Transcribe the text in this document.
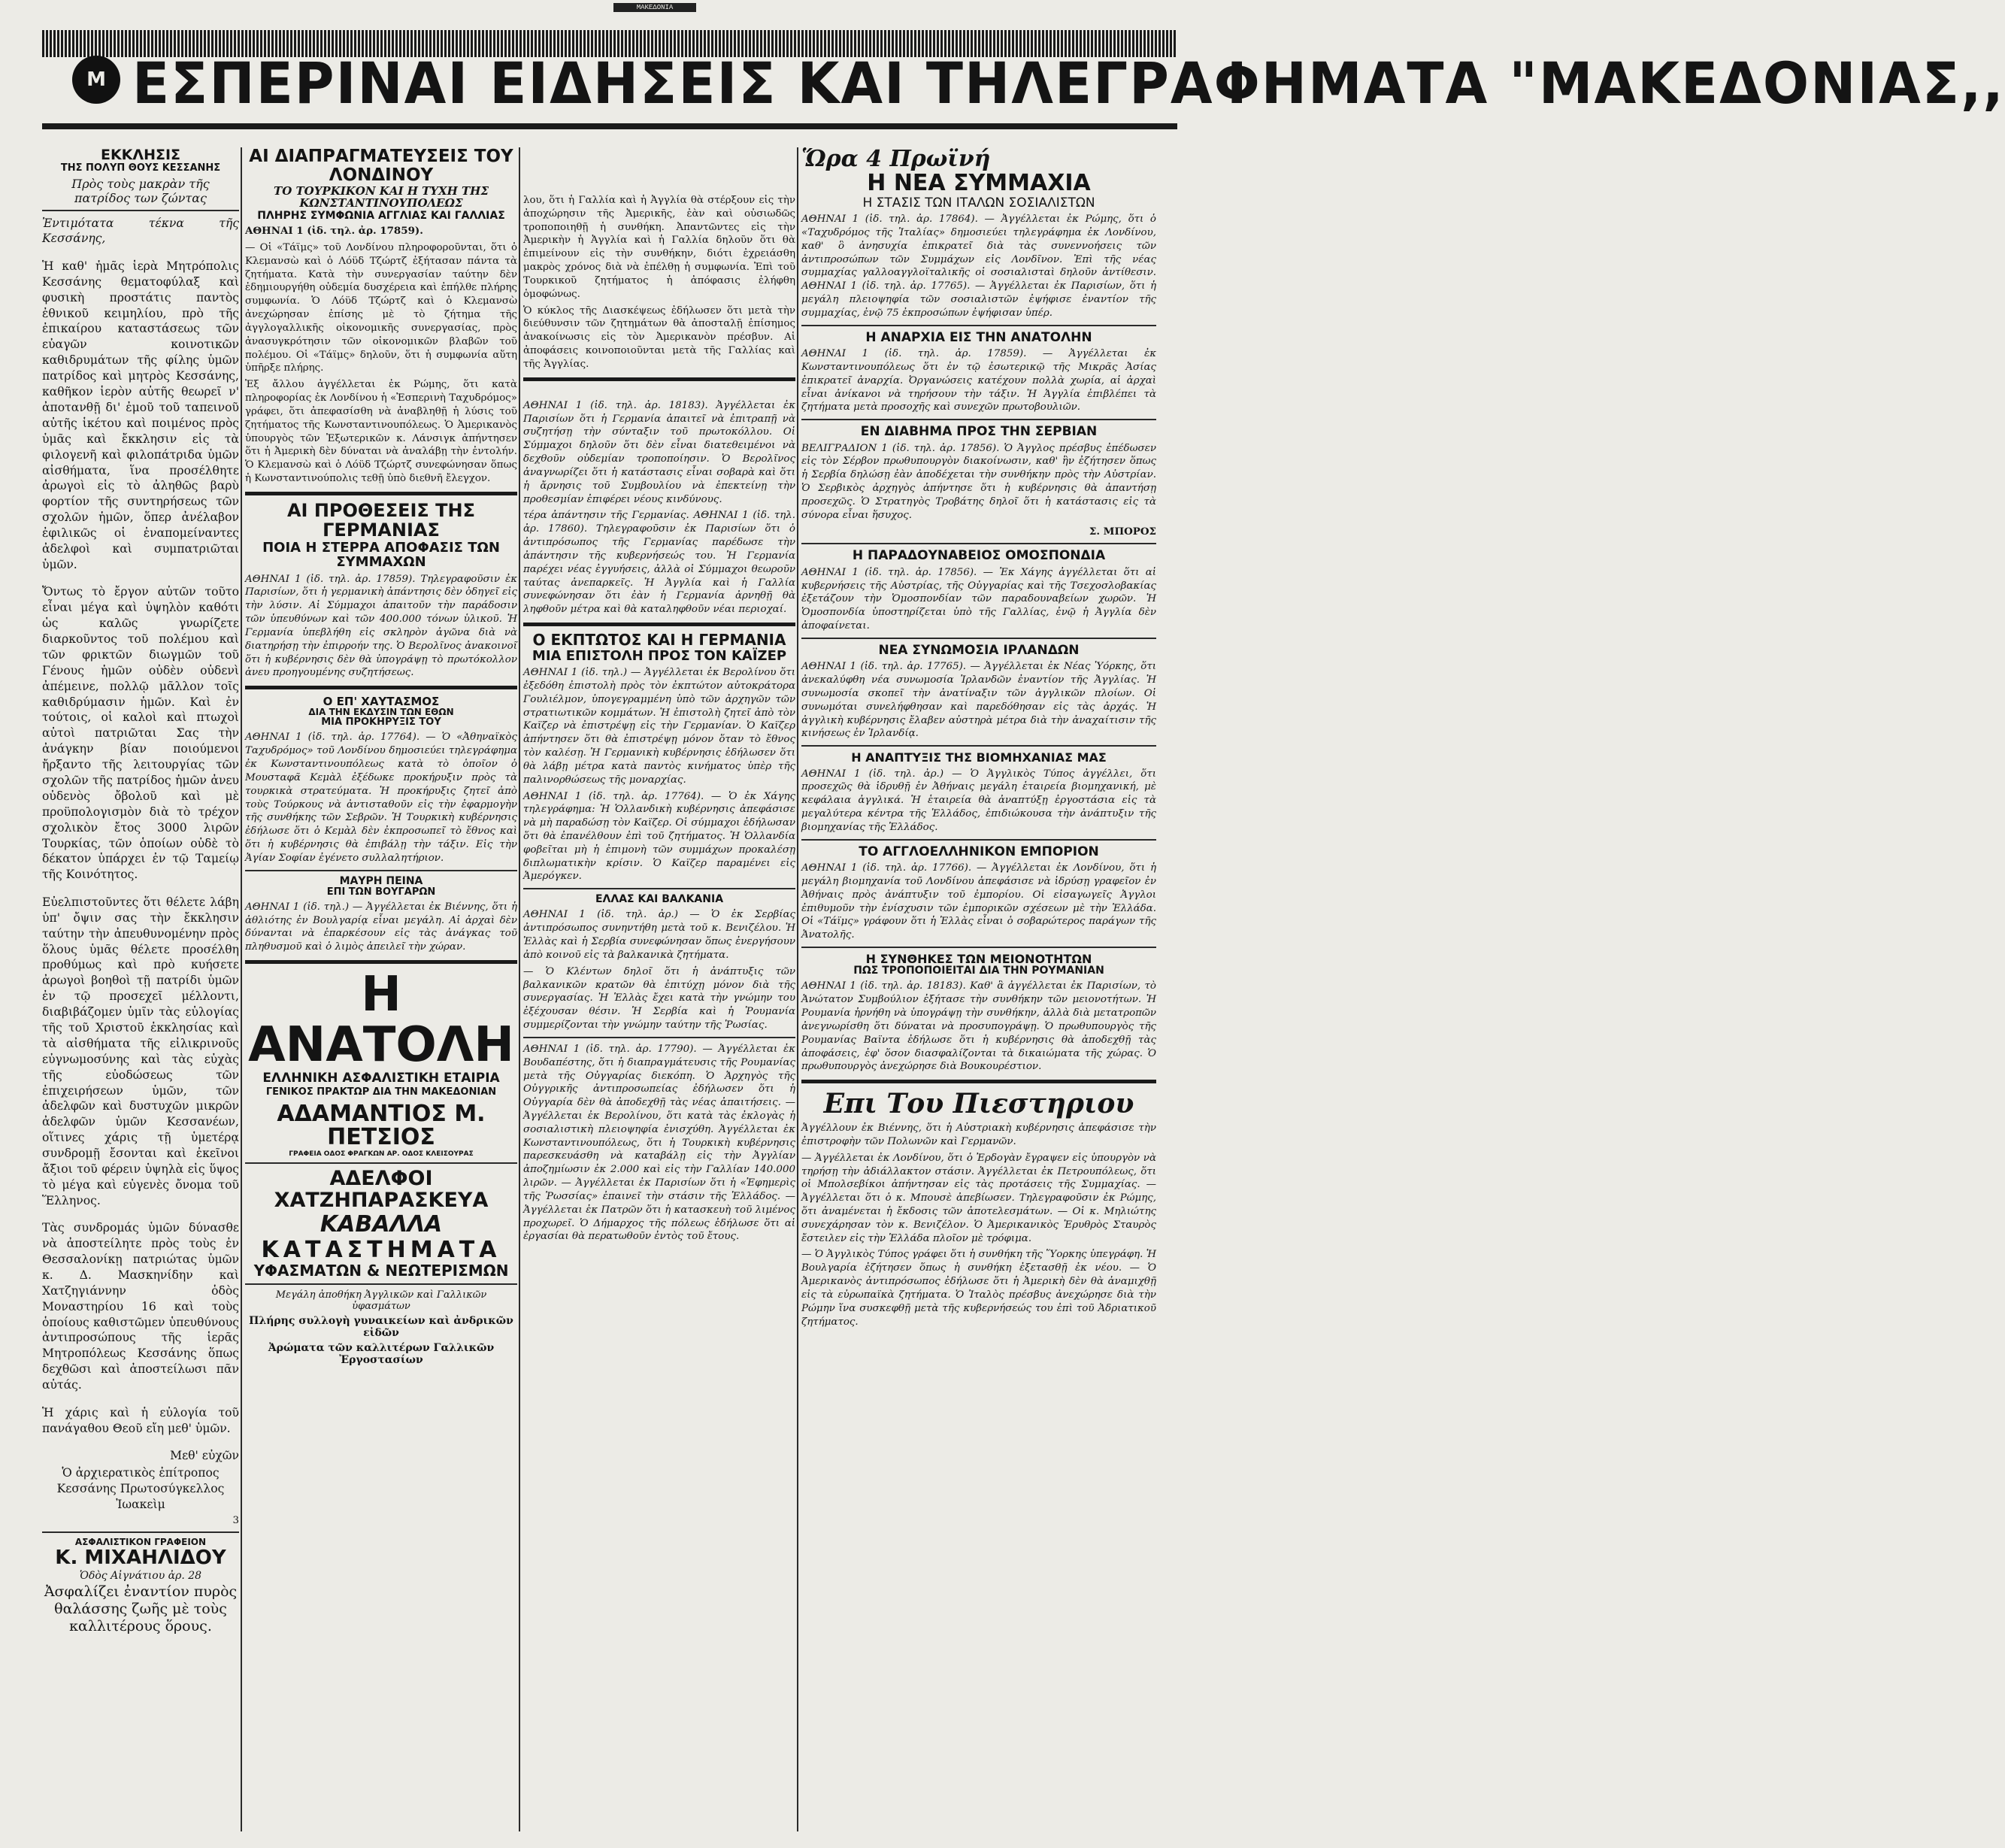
ΜΑΚΕΔΟΝΙΑ
Μ ΕΣΠΕΡΙΝΑΙ ΕΙΔΗΣΕΙΣ ΚΑΙ ΤΗΛΕΓΡΑΦΗΜΑΤΑ "ΜΑΚΕΔΟΝΙΑΣ,,

ΕΚΚΛΗΣΙΣ

ΤΗΣ ΠΟΛΥΠ ΘΟΥΣ ΚΕΣΣΑΝΗΣ

Πρὸς τοὺς μακρὰν τῆς πατρίδος των ζώντας

Ἐντιμότατα τέκνα τῆς Κεσσάνης,

Ἡ καθ' ἡμᾶς ἱερὰ Μητρόπολις Κεσσάνης θεματοφύλαξ καὶ φυσικὴ προστάτις παντὸς ἐθνικοῦ κειμηλίου, πρὸ τῆς ἐπικαίρου καταστάσεως τῶν εὐαγῶν κοινοτικῶν καθιδρυμάτων τῆς φίλης ὑμῶν πατρίδος καὶ μητρὸς Κεσσάνης, καθῆκον ἱερὸν αὐτῆς θεωρεῖ ν' ἀποτανθῇ δι' ἐμοῦ τοῦ ταπεινοῦ αὐτῆς ἱκέτου καὶ ποιμένος πρὸς ὑμᾶς καὶ ἔκκλησιν εἰς τὰ φιλογενῆ καὶ φιλοπάτριδα ὑμῶν αἰσθήματα, ἵνα προσέλθητε ἀρωγοὶ εἰς τὸ ἀληθῶς βαρὺ φορτίον τῆς συντηρήσεως τῶν σχολῶν ἡμῶν, ὅπερ ἀνέλαβον ἐφιλικῶς οἱ ἐναπομείναντες ἀδελφοὶ καὶ συμπατριῶται ὑμῶν.

Ὄντως τὸ ἔργον αὐτῶν τοῦτο εἶναι μέγα καὶ ὑψηλὸν καθότι ὡς καλῶς γνωρίζετε διαρκοῦντος τοῦ πολέμου καὶ τῶν φρικτῶν διωγμῶν τοῦ Γένους ἡμῶν οὐδὲν οὐδενὶ ἀπέμεινε, πολλῷ μᾶλλον τοῖς καθιδρύμασιν ἡμῶν. Καὶ ἐν τούτοις, οἱ καλοὶ καὶ πτωχοὶ αὐτοὶ πατριῶται Σας τὴν ἀνάγκην βίαν ποιούμενοι ἤρξαντο τῆς λειτουργίας τῶν σχολῶν τῆς πατρίδος ἡμῶν ἀνευ οὐδενὸς ὄβολοῦ καὶ μὲ προϋπολογισμὸν διὰ τὸ τρέχον σχολικὸν ἔτος 3000 λιρῶν Τουρκίας, τῶν ὁποίων οὐδὲ τὸ δέκατον ὑπάρχει ἐν τῷ Ταμείῳ τῆς Κοινότητος.

Εὐελπιστοῦντες ὅτι θέλετε λάβη ὑπ' ὄψιν σας τὴν ἔκκλησιν ταύτην τὴν ἀπευθυνομένην πρὸς ὅλους ὑμᾶς θέλετε προσέλθη προθύμως καὶ πρὸ κυήσετε ἀρωγοὶ βοηθοὶ τῇ πατρίδι ὑμῶν ἐν τῷ προσεχεῖ μέλλοντι, διαβιβάζομεν ὑμῖν τὰς εὐλογίας τῆς τοῦ Χριστοῦ ἐκκλησίας καὶ τὰ αἰσθήματα τῆς εἰλικρινοῦς εὐγνωμοσύνης καὶ τὰς εὐχὰς τῆς εὐοδώσεως τῶν ἐπιχειρήσεων ὑμῶν, τῶν ἀδελφῶν καὶ δυστυχῶν μικρῶν ἀδελφῶν ὑμῶν Κεσσανέων, οἵτινες χάρις τῇ ὑμετέρᾳ συνδρομῇ ἔσονται καὶ ἐκεῖνοι ἄξιοι τοῦ φέρειν ὑψηλὰ εἰς ὕψος τὸ μέγα καὶ εὐγενὲς ὄνομα τοῦ Ἕλληνος.

Τὰς συνδρομάς ὑμῶν δύνασθε νὰ ἀποστείλητε πρὸς τοὺς ἐν Θεσσαλονίκῃ πατριώτας ὑμῶν κ. Δ. Μασκηνίδην καὶ Χατζηγιάννην ὁδὸς Μοναστηρίου 16 καὶ τοὺς ὁποίους καθιστῶμεν ὑπευθύνους ἀντιπροσώπους τῆς ἱερᾶς Μητροπόλεως Κεσσάνης ὅπως δεχθῶσι καὶ ἀποστείλωσι πᾶν αὐτάς.

Ἡ χάρις καὶ ἡ εὐλογία τοῦ πανάγαθου Θεοῦ εἴη μεθ' ὑμῶν.

Μεθ' εὐχῶν

Ὁ ἀρχιερατικὸς ἐπίτροπος Κεσσάνης Πρωτοσύγκελλος Ἰωακεὶμ

3

ΑΣΦΑΛΙΣΤΙΚΟΝ ΓΡΑΦΕΙΟΝ

Κ. ΜΙΧΑΗΛΙΔΟΥ

Ὁδὸς Αἰγνάτιου ἀρ. 28

Ἀσφαλίζει ἐναντίον πυρὸς θαλάσσης ζωῆς μὲ τοὺς καλλιτέρους ὅρους.

ΑΙ ΔΙΑΠΡΑΓΜΑΤΕΥΣΕΙΣ ΤΟΥ ΛΟΝΔΙΝΟΥ

ΤΟ ΤΟΥΡΚΙΚΟΝ ΚΑΙ Η ΤΥΧΗ ΤΗΣ ΚΩΝΣΤΑΝΤΙΝΟΥΠΟΛΕΩΣ

ΠΛΗΡΗΣ ΣΥΜΦΩΝΙΑ ΑΓΓΛΙΑΣ ΚΑΙ ΓΑΛΛΙΑΣ

ΑΘΗΝΑΙ 1 (ἰδ. τηλ. ἀρ. 17859).

— Οἱ «Τάϊμς» τοῦ Λονδίνου πληροφοροῦνται, ὅτι ὁ Κλεμανσὼ καὶ ὁ Λόϋδ Τζώρτζ ἐξήτασαν πάντα τὰ ζητήματα. Κατὰ τὴν συνεργασίαν ταύτην δὲν ἐδημιουργήθη οὐδεμία δυσχέρεια καὶ ἐπήλθε πλήρης συμφωνία. Ὁ Λόϋδ Τζώρτζ καὶ ὁ Κλεμανσὼ ἀνεχώρησαν ἐπίσης μὲ τὸ ζήτημα τῆς ἀγγλογαλλικῆς οἰκονομικῆς συνεργασίας, πρὸς ἀνασυγκρότησιν τῶν οἰκονομικῶν βλαβῶν τοῦ πολέμου. Οἱ «Τάϊμς» δηλοῦν, ὅτι ἡ συμφωνία αὕτη ὑπῆρξε πλήρης.

Ἐξ ἄλλου ἀγγέλλεται ἐκ Ρώμης, ὅτι κατὰ πληροφορίας ἐκ Λονδίνου ἡ «Ἐσπερινὴ Ταχυδρόμος» γράφει, ὅτι ἀπεφασίσθη νὰ ἀναβληθῇ ἡ λύσις τοῦ ζητήματος τῆς Κωνσταντινουπόλεως. Ὁ Ἀμερικανὸς ὑπουργὸς τῶν Ἐξωτερικῶν κ. Λάνσιγκ ἀπήντησεν ὅτι ἡ Ἀμερικὴ δὲν δύναται νὰ ἀναλάβῃ τὴν ἐντολήν. Ὁ Κλεμανσὼ καὶ ὁ Λόϋδ Τζώρτζ συνεφώνησαν ὅπως ἡ Κωνσταντινούπολις τεθῇ ὑπὸ διεθνῆ ἔλεγχον.

ΑΙ ΠΡΟΘΕΣΕΙΣ ΤΗΣ ΓΕΡΜΑΝΙΑΣ

ΠΟΙΑ Η ΣΤΕΡΡΑ ΑΠΟΦΑΣΙΣ ΤΩΝ ΣΥΜΜΑΧΩΝ

ΑΘΗΝΑΙ 1 (ἰδ. τηλ. ἀρ. 17859). Τηλεγραφοῦσιν ἐκ Παρισίων, ὅτι ἡ γερμανικὴ ἀπάντησις δὲν ὁδηγεῖ εἰς τὴν λύσιν. Αἱ Σύμμαχοι ἀπαιτοῦν τὴν παράδοσιν τῶν ὑπευθύνων καὶ τῶν 400.000 τόνων ὑλικοῦ. Ἡ Γερμανία ὑπεβλήθη εἰς σκληρὸν ἀγῶνα διὰ νὰ διατηρήσῃ τὴν ἐπιρροήν της. Ὁ Βερολῖνος ἀνακοινοῖ ὅτι ἡ κυβέρνησις δὲν θὰ ὑπογράψῃ τὸ πρωτόκολλον ἀνευ προηγουμένης συζητήσεως.

Ο ΕΠ' ΧΑΥΤΑΣΜΟΣ

ΔΙΑ ΤΗΝ ΕΚΔΥΣΙΝ ΤΩΝ ΕΘΩΝ

ΜΙΑ ΠΡΟΚΗΡΥΞΙΣ ΤΟΥ

ΑΘΗΝΑΙ 1 (ἰδ. τηλ. ἀρ. 17764). — Ὁ «Ἀθηναϊκὸς Ταχυδρόμος» τοῦ Λονδίνου δημοσιεύει τηλεγράφημα ἐκ Κωνσταντινουπόλεως κατὰ τὸ ὁποῖον ὁ Μουσταφᾶ Κεμὰλ ἐξέδωκε προκήρυξιν πρὸς τὰ τουρκικὰ στρατεύματα. Ἡ προκήρυξις ζητεῖ ἀπὸ τοὺς Τούρκους νὰ ἀντισταθοῦν εἰς τὴν ἐφαρμογὴν τῆς συνθήκης τῶν Σεβρῶν. Ἡ Τουρκικὴ κυβέρνησις ἐδήλωσε ὅτι ὁ Κεμὰλ δὲν ἐκπροσωπεῖ τὸ ἔθνος καὶ ὅτι ἡ κυβέρνησις θὰ ἐπιβάλῃ τὴν τάξιν. Εἰς τὴν Ἀγίαν Σοφίαν ἐγένετο συλλαλητήριον.

ΜΑΥΡΗ ΠΕΙΝΑ

ΕΠΙ ΤΩΝ ΒΟΥΓΑΡΩΝ

ΑΘΗΝΑΙ 1 (ἰδ. τηλ.) — Ἀγγέλλεται ἐκ Βιέννης, ὅτι ἡ ἀθλιότης ἐν Βουλγαρίᾳ εἶναι μεγάλη. Αἱ ἀρχαὶ δὲν δύνανται νὰ ἐπαρκέσουν εἰς τὰς ἀνάγκας τοῦ πληθυσμοῦ καὶ ὁ λιμὸς ἀπειλεῖ τὴν χώραν.

Η ΑΝΑΤΟΛΗ

ΕΛΛΗΝΙΚΗ ΑΣΦΑΛΙΣΤΙΚΗ ΕΤΑΙΡΙΑ

ΓΕΝΙΚΟΣ ΠΡΑΚΤΩΡ ΔΙΑ ΤΗΝ ΜΑΚΕΔΟΝΙΑΝ

ΑΔΑΜΑΝΤΙΟΣ Μ. ΠΕΤΣΙΟΣ

ΓΡΑΦΕΙΑ ΟΔΟΣ ΦΡΑΓΚΩΝ ΑΡ. ΟΔΟΣ ΚΛΕΙΣΟΥΡΑΣ

ΑΔΕΛΦΟΙ ΧΑΤΖΗΠΑΡΑΣΚΕΥΑ

ΚΑΒΑΛΛΑ

ΚΑΤΑΣΤΗΜΑΤΑ

ΥΦΑΣΜΑΤΩΝ & ΝΕΩΤΕΡΙΣΜΩΝ

Μεγάλη ἀποθήκη Ἀγγλικῶν καὶ Γαλλικῶν ὑφασμάτων

Πλήρης συλλογὴ γυναικείων καὶ ἀνδρικῶν εἰδῶν

Ἀρώματα τῶν καλλιτέρων Γαλλικῶν Ἐργοστασίων

λου, ὅτι ἡ Γαλλία καὶ ἡ Ἀγγλία θὰ στέρξουν εἰς τὴν ἀποχώρησιν τῆς Ἀμερικῆς, ἐὰν καὶ οὐσιωδῶς τροποποιηθῇ ἡ συνθήκη. Ἀπαντῶντες εἰς τὴν Ἀμερικὴν ἡ Ἀγγλία καὶ ἡ Γαλλία δηλοῦν ὅτι θὰ ἐπιμείνουν εἰς τὴν συνθήκην, διότι ἐχρειάσθη μακρὸς χρόνος διὰ νὰ ἐπέλθῃ ἡ συμφωνία. Ἐπὶ τοῦ Τουρκικοῦ ζητήματος ἡ ἀπόφασις ἐλήφθη ὁμοφώνως.

Ὁ κύκλος τῆς Διασκέψεως ἐδήλωσεν ὅτι μετὰ τὴν διεύθυνσιν τῶν ζητημάτων θὰ ἀποσταλῇ ἐπίσημος ἀνακοίνωσις εἰς τὸν Ἀμερικανὸν πρέσβυν. Αἱ ἀποφάσεις κοινοποιοῦνται μετὰ τῆς Γαλλίας καὶ τῆς Ἀγγλίας.

ΑΘΗΝΑΙ 1 (ἰδ. τηλ. ἀρ. 18183). Ἀγγέλλεται ἐκ Παρισίων ὅτι ἡ Γερμανία ἀπαιτεῖ νὰ ἐπιτραπῇ νὰ συζητήσῃ τὴν σύνταξιν τοῦ πρωτοκόλλου. Οἱ Σύμμαχοι δηλοῦν ὅτι δὲν εἶναι διατεθειμένοι νὰ δεχθοῦν οὐδεμίαν τροποποίησιν. Ὁ Βερολῖνος ἀναγνωρίζει ὅτι ἡ κατάστασις εἶναι σοβαρὰ καὶ ὅτι ἡ ἄρνησις τοῦ Συμβουλίου νὰ ἐπεκτείνῃ τὴν προθεσμίαν ἐπιφέρει νέους κινδύνους.

τέρα ἀπάντησιν τῆς Γερμανίας. ΑΘΗΝΑΙ 1 (ἰδ. τηλ. ἀρ. 17860). Τηλεγραφοῦσιν ἐκ Παρισίων ὅτι ὁ ἀντιπρόσωπος τῆς Γερμανίας παρέδωσε τὴν ἀπάντησιν τῆς κυβερνήσεώς του. Ἡ Γερμανία παρέχει νέας ἐγγυήσεις, ἀλλὰ οἱ Σύμμαχοι θεωροῦν ταύτας ἀνεπαρκεῖς. Ἡ Ἀγγλία καὶ ἡ Γαλλία συνεφώνησαν ὅτι ἐὰν ἡ Γερμανία ἀρνηθῇ θὰ ληφθοῦν μέτρα καὶ θὰ καταληφθοῦν νέαι περιοχαί.

Ο ΕΚΠΤΩΤΟΣ ΚΑΙ Η ΓΕΡΜΑΝΙΑ

ΜΙΑ ΕΠΙΣΤΟΛΗ ΠΡΟΣ ΤΟΝ ΚΑΪΖΕΡ

ΑΘΗΝΑΙ 1 (ἰδ. τηλ.) — Ἀγγέλλεται ἐκ Βερολίνου ὅτι ἐξεδόθη ἐπιστολὴ πρὸς τὸν ἐκπτώτον αὐτοκράτορα Γουλιέλμον, ὑπογεγραμμένη ὑπὸ τῶν ἀρχηγῶν τῶν στρατιωτικῶν κομμάτων. Ἡ ἐπιστολὴ ζητεῖ ἀπὸ τὸν Καϊζερ νὰ ἐπιστρέψῃ εἰς τὴν Γερμανίαν. Ὁ Καϊζερ ἀπήντησεν ὅτι θὰ ἐπιστρέψῃ μόνον ὅταν τὸ ἔθνος τὸν καλέσῃ. Ἡ Γερμανικὴ κυβέρνησις ἐδήλωσεν ὅτι θὰ λάβῃ μέτρα κατὰ παντὸς κινήματος ὑπὲρ τῆς παλινορθώσεως τῆς μοναρχίας.

ΑΘΗΝΑΙ 1 (ἰδ. τηλ. ἀρ. 17764). — Ὁ ἐκ Χάγης τηλεγράφημα: Ἡ Ὁλλανδικὴ κυβέρνησις ἀπεφάσισε νὰ μὴ παραδώσῃ τὸν Καϊζερ. Οἱ σύμμαχοι ἐδήλωσαν ὅτι θὰ ἐπανέλθουν ἐπὶ τοῦ ζητήματος. Ἡ Ὁλλανδία φοβεῖται μὴ ἡ ἐπιμονὴ τῶν συμμάχων προκαλέσῃ διπλωματικὴν κρίσιν. Ὁ Καϊζερ παραμένει εἰς Ἀμερόγκεν.

ΕΛΛΑΣ ΚΑΙ ΒΑΛΚΑΝΙΑ

ΑΘΗΝΑΙ 1 (ἰδ. τηλ. ἀρ.) — Ὁ ἐκ Σερβίας ἀντιπρόσωπος συνηντήθη μετὰ τοῦ κ. Βενιζέλου. Ἡ Ἑλλὰς καὶ ἡ Σερβία συνεφώνησαν ὅπως ἐνεργήσουν ἀπὸ κοινοῦ εἰς τὰ βαλκανικὰ ζητήματα.

— Ὁ Κλέντων δηλοῖ ὅτι ἡ ἀνάπτυξις τῶν βαλκανικῶν κρατῶν θὰ ἐπιτύχῃ μόνον διὰ τῆς συνεργασίας. Ἡ Ἑλλὰς ἔχει κατὰ τὴν γνώμην του ἐξέχουσαν θέσιν. Ἡ Σερβία καὶ ἡ Ῥουμανία συμμερίζονται τὴν γνώμην ταύτην τῆς Ῥωσίας.

ΑΘΗΝΑΙ 1 (ἰδ. τηλ. ἀρ. 17790). — Ἀγγέλλεται ἐκ Βουδαπέστης, ὅτι ἡ διαπραγμάτευσις τῆς Ρουμανίας μετὰ τῆς Οὐγγαρίας διεκόπη. Ὁ Ἀρχηγὸς τῆς Οὐγγρικῆς ἀντιπροσωπείας ἐδήλωσεν ὅτι ἡ Οὐγγαρία δὲν θὰ ἀποδεχθῇ τὰς νέας ἀπαιτήσεις. — Ἀγγέλλεται ἐκ Βερολίνου, ὅτι κατὰ τὰς ἐκλογὰς ἡ σοσιαλιστικὴ πλειοψηφία ἐνισχύθη. Ἀγγέλλεται ἐκ Κωνσταντινουπόλεως, ὅτι ἡ Τουρκικὴ κυβέρνησις παρεσκευάσθη νὰ καταβάλῃ εἰς τὴν Ἀγγλίαν ἀποζημίωσιν ἐκ 2.000 καὶ εἰς τὴν Γαλλίαν 140.000 λιρῶν. — Ἀγγέλλεται ἐκ Παρισίων ὅτι ἡ «Ἐφημερὶς τῆς Ῥωσσίας» ἐπαινεῖ τὴν στάσιν τῆς Ἑλλάδος. — Ἀγγέλλεται ἐκ Πατρῶν ὅτι ἡ κατασκευὴ τοῦ λιμένος προχωρεῖ. Ὁ Δήμαρχος τῆς πόλεως ἐδήλωσε ὅτι αἱ ἐργασίαι θὰ περατωθοῦν ἐντὸς τοῦ ἔτους.

Ὥρα 4 Πρωϊνή

Η ΝΕΑ ΣΥΜΜΑΧΙΑ

Η ΣΤΑΣΙΣ ΤΩΝ ΙΤΑΛΩΝ ΣΟΣΙΑΛΙΣΤΩΝ

ΑΘΗΝΑΙ 1 (ἰδ. τηλ. ἀρ. 17864). — Ἀγγέλλεται ἐκ Ρώμης, ὅτι ὁ «Ταχυδρόμος τῆς Ἰταλίας» δημοσιεύει τηλεγράφημα ἐκ Λονδίνου, καθ' ὃ ἀνησυχία ἐπικρατεῖ διὰ τὰς συνεννοήσεις τῶν ἀντιπροσώπων τῶν Συμμάχων εἰς Λονδῖνον. Ἐπὶ τῆς νέας συμμαχίας γαλλοαγγλοϊταλικῆς οἱ σοσιαλισταὶ δηλοῦν ἀντίθεσιν. ΑΘΗΝΑΙ 1 (ἰδ. τηλ. ἀρ. 17765). — Ἀγγέλλεται ἐκ Παρισίων, ὅτι ἡ μεγάλη πλειοψηφία τῶν σοσιαλιστῶν ἐψήφισε ἐναντίον τῆς συμμαχίας, ἐνῷ 75 ἐκπροσώπων ἐψήφισαν ὑπέρ.

Η ΑΝΑΡΧΙΑ ΕΙΣ ΤΗΝ ΑΝΑΤΟΛΗΝ

ΑΘΗΝΑΙ 1 (ἰδ. τηλ. ἀρ. 17859). — Ἀγγέλλεται ἐκ Κωνσταντινουπόλεως ὅτι ἐν τῷ ἐσωτερικῷ τῆς Μικρᾶς Ἀσίας ἐπικρατεῖ ἀναρχία. Ὀργανώσεις κατέχουν πολλὰ χωρία, αἱ ἀρχαὶ εἶναι ἀνίκανοι νὰ τηρήσουν τὴν τάξιν. Ἡ Ἀγγλία ἐπιβλέπει τὰ ζητήματα μετὰ προσοχῆς καὶ συνεχῶν πρωτοβουλιῶν.

ΕΝ ΔΙΑΒΗΜΑ ΠΡΟΣ ΤΗΝ ΣΕΡΒΙΑΝ

ΒΕΛΙΓΡΑΔΙΟΝ 1 (ἰδ. τηλ. ἀρ. 17856). Ὁ Ἀγγλος πρέσβυς ἐπέδωσεν εἰς τὸν Σέρβον πρωθυπουργὸν διακοίνωσιν, καθ' ἣν ἐζήτησεν ὅπως ἡ Σερβία δηλώσῃ ἐὰν ἀποδέχεται τὴν συνθήκην πρὸς τὴν Αὐστρίαν. Ὁ Σερβικὸς ἀρχηγὸς ἀπήντησε ὅτι ἡ κυβέρνησις θὰ ἀπαντήσῃ προσεχῶς. Ὁ Στρατηγὸς Τροβάτης δηλοῖ ὅτι ἡ κατάστασις εἰς τὰ σύνορα εἶναι ἥσυχος.

Σ. ΜΠΟΡΟΣ

Η ΠΑΡΑΔΟΥΝΑΒΕΙΟΣ ΟΜΟΣΠΟΝΔΙΑ

ΑΘΗΝΑΙ 1 (ἰδ. τηλ. ἀρ. 17856). — Ἐκ Χάγης ἀγγέλλεται ὅτι αἱ κυβερνήσεις τῆς Αὐστρίας, τῆς Οὐγγαρίας καὶ τῆς Τσεχοσλοβακίας ἐξετάζουν τὴν Ὁμοσπονδίαν τῶν παραδουναβείων χωρῶν. Ἡ Ὁμοσπονδία ὑποστηρίζεται ὑπὸ τῆς Γαλλίας, ἐνῷ ἡ Ἀγγλία δὲν ἀποφαίνεται.

ΝΕΑ ΣΥΝΩΜΟΣΙΑ ΙΡΛΑΝΔΩΝ

ΑΘΗΝΑΙ 1 (ἰδ. τηλ. ἀρ. 17765). — Ἀγγέλλεται ἐκ Νέας Ὑόρκης, ὅτι ἀνεκαλύφθη νέα συνωμοσία Ἰρλανδῶν ἐναντίον τῆς Ἀγγλίας. Ἡ συνωμοσία σκοπεῖ τὴν ἀνατίναξιν τῶν ἀγγλικῶν πλοίων. Οἱ συνωμόται συνελήφθησαν καὶ παρεδόθησαν εἰς τὰς ἀρχάς. Ἡ ἀγγλικὴ κυβέρνησις ἔλαβεν αὐστηρὰ μέτρα διὰ τὴν ἀναχαίτισιν τῆς κινήσεως ἐν Ἰρλανδίᾳ.

Η ΑΝΑΠΤΥΞΙΣ ΤΗΣ ΒΙΟΜΗΧΑΝΙΑΣ ΜΑΣ

ΑΘΗΝΑΙ 1 (ἰδ. τηλ. ἀρ.) — Ὁ Ἀγγλικὸς Τύπος ἀγγέλλει, ὅτι προσεχῶς θὰ ἱδρυθῇ ἐν Ἀθήναις μεγάλη ἑταιρεία βιομηχανική, μὲ κεφάλαια ἀγγλικά. Ἡ ἑταιρεία θὰ ἀναπτύξῃ ἐργοστάσια εἰς τὰ μεγαλύτερα κέντρα τῆς Ἑλλάδος, ἐπιδιώκουσα τὴν ἀνάπτυξιν τῆς βιομηχανίας τῆς Ἑλλάδος.

ΤΟ ΑΓΓΛΟΕΛΛΗΝΙΚΟΝ ΕΜΠΟΡΙΟΝ

ΑΘΗΝΑΙ 1 (ἰδ. τηλ. ἀρ. 17766). — Ἀγγέλλεται ἐκ Λονδίνου, ὅτι ἡ μεγάλη βιομηχανία τοῦ Λονδίνου ἀπεφάσισε νὰ ἱδρύσῃ γραφεῖον ἐν Ἀθήναις πρὸς ἀνάπτυξιν τοῦ ἐμπορίου. Οἱ εἰσαγωγεῖς Ἀγγλοι ἐπιθυμοῦν τὴν ἐνίσχυσιν τῶν ἐμπορικῶν σχέσεων μὲ τὴν Ἑλλάδα. Οἱ «Τάϊμς» γράφουν ὅτι ἡ Ἑλλὰς εἶναι ὁ σοβαρώτερος παράγων τῆς Ἀνατολῆς.

Η ΣΥΝΘΗΚΕΣ ΤΩΝ ΜΕΙΟΝΟΤΗΤΩΝ

ΠΩΣ ΤΡΟΠΟΠΟΙΕΙΤΑΙ ΔΙΑ ΤΗΝ ΡΟΥΜΑΝΙΑΝ

ΑΘΗΝΑΙ 1 (ἰδ. τηλ. ἀρ. 18183). Καθ' ἃ ἀγγέλλεται ἐκ Παρισίων, τὸ Ἀνώτατον Συμβούλιον ἐξήτασε τὴν συνθήκην τῶν μειονοτήτων. Ἡ Ρουμανία ἠρνήθη νὰ ὑπογράψῃ τὴν συνθήκην, ἀλλὰ διὰ μετατροπῶν ἀνεγνωρίσθη ὅτι δύναται νὰ προσυπογράψῃ. Ὁ πρωθυπουργὸς τῆς Ρουμανίας Βαϊντα ἐδήλωσε ὅτι ἡ κυβέρνησις θὰ ἀποδεχθῇ τὰς ἀποφάσεις, ἐφ' ὅσον διασφαλίζονται τὰ δικαιώματα τῆς χώρας. Ὁ πρωθυπουργὸς ἀνεχώρησε διὰ Βουκουρέστιον.

Επι Του Πιεστηριου

Ἀγγέλλουν ἐκ Βιέννης, ὅτι ἡ Αὐστριακὴ κυβέρνησις ἀπεφάσισε τὴν ἐπιστροφὴν τῶν Πολωνῶν καὶ Γερμανῶν.

— Ἀγγέλλεται ἐκ Λονδίνου, ὅτι ὁ Ἐρδογὰν ἔγραψεν εἰς ὑπουργὸν νὰ τηρήσῃ τὴν ἀδιάλλακτον στάσιν. Ἀγγέλλεται ἐκ Πετρουπόλεως, ὅτι οἱ Μπολσεβίκοι ἀπήντησαν εἰς τὰς προτάσεις τῆς Συμμαχίας. — Ἀγγέλλεται ὅτι ὁ κ. Μπουσὲ ἀπεβίωσεν. Τηλεγραφοῦσιν ἐκ Ρώμης, ὅτι ἀναμένεται ἡ ἔκδοσις τῶν ἀποτελεσμάτων. — Οἱ κ. Μηλιώτης συνεχάρησαν τὸν κ. Βενιζέλον. Ὁ Ἀμερικανικὸς Ἐρυθρὸς Σταυρὸς ἔστειλεν εἰς τὴν Ἑλλάδα πλοῖον μὲ τρόφιμα.

— Ὁ Ἀγγλικὸς Τύπος γράφει ὅτι ἡ συνθήκη τῆς Ὕορκης ὑπεγράφη. Ἡ Βουλγαρία ἐζήτησεν ὅπως ἡ συνθήκη ἐξετασθῇ ἐκ νέου. — Ὁ Ἀμερικανὸς ἀντιπρόσωπος ἐδήλωσε ὅτι ἡ Ἀμερικὴ δὲν θὰ ἀναμιχθῇ εἰς τὰ εὐρωπαϊκὰ ζητήματα. Ὁ Ἰταλὸς πρέσβυς ἀνεχώρησε διὰ τὴν Ρώμην ἵνα συσκεφθῇ μετὰ τῆς κυβερνήσεώς του ἐπὶ τοῦ Ἀδριατικοῦ ζητήματος.
